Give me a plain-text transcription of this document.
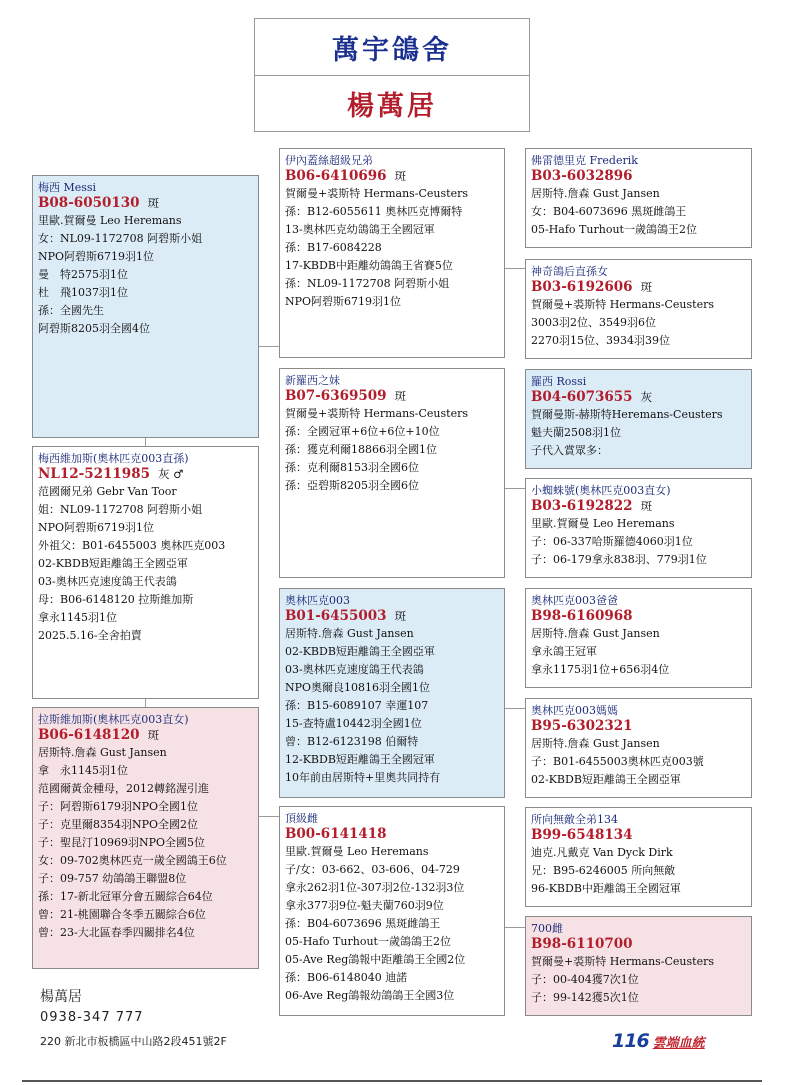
萬宇鴿舍
楊萬居
梅西 Messi
B08-6050130 斑
里歐.賀爾曼 Leo Heremans
女：NL09-1172708 阿碧斯小姐
NPO阿碧斯6719羽1位
曼　特2575羽1位
杜　飛1037羽1位
孫：全國先生
阿碧斯8205羽全國4位
梅西維加斯(奧林匹克003直孫)
NL12-5211985 灰 ♂
范國爾兄弟 Gebr Van Toor
姐：NL09-1172708 阿碧斯小姐
NPO阿碧斯6719羽1位
外祖父：B01-6455003 奧林匹克003
02-KBDB短距離鴿王全國亞軍
03-奧林匹克速度鴿王代表鴿
母：B06-6148120 拉斯維加斯
拿永1145羽1位
2025.5.16-全舍拍賣
拉斯維加斯(奧林匹克003直女)
B06-6148120 斑
居斯特.詹森 Gust Jansen
拿　永1145羽1位
范國爾黃金種母，2012轉銘渥引進
子：阿碧斯6179羽NPO全國1位
子：克里爾8354羽NPO全國2位
子：聖昆汀10969羽NPO全國5位
女：09-702奧林匹克一歲全國鴿王6位
子：09-757 幼鴿鴿王聯盟8位
孫：17-新北冠軍分會五關綜合64位
曾：21-桃園聯合冬季五關綜合6位
曾：23-大北區春季四關排名4位
伊內蓋絲超級兄弟
B06-6410696 斑
賀爾曼+裘斯特 Hermans-Ceusters
孫：B12-6055611 奧林匹克博爾特
13-奧林匹克幼鴿鴿王全國冠軍
孫：B17-6084228
17-KBDB中距離幼鴿鴿王省賽5位
孫：NL09-1172708 阿碧斯小姐
NPO阿碧斯6719羽1位
新羅西之妹
B07-6369509 斑
賀爾曼+裘斯特 Hermans-Ceusters
孫：全國冠軍+6位+6位+10位
孫：獲克利爾18866羽全國1位
孫：克利爾8153羽全國6位
孫：亞碧斯8205羽全國6位
奧林匹克003
B01-6455003 斑
居斯特.詹森 Gust Jansen
02-KBDB短距離鴿王全國亞軍
03-奧林匹克速度鴿王代表鴿
NPO奧爾良10816羽全國1位
孫：B15-6089107 幸運107
15-查特盧10442羽全國1位
曾：B12-6123198 伯爾特
12-KBDB短距離鴿王全國冠軍
10年前由居斯特+里奧共同持有
頂級雌
B00-6141418
里歐.賀爾曼 Leo Heremans
子/女：03-662、03-606、04-729
拿永262羽1位-307羽2位-132羽3位
拿永377羽9位-魁夫蘭760羽9位
孫：B04-6073696 黑斑雌鴿王
05-Hafo Turhout一歲鴿鴿王2位
05-Ave Reg鴿報中距離鴿王全國2位
孫：B06-6148040 迪諾
06-Ave Reg鴿報幼鴿鴿王全國3位
佛雷德里克 Frederik
B03-6032896
居斯特.詹森 Gust Jansen
女：B04-6073696 黑斑雌鴿王
05-Hafo Turhout一歲鴿鴿王2位
神奇鴿后直孫女
B03-6192606 斑
賀爾曼+裘斯特 Hermans-Ceusters
3003羽2位、3549羽6位
2270羽15位、3934羽39位
羅西 Rossi
B04-6073655 灰
賀爾曼斯-赫斯特Heremans-Ceusters
魁夫蘭2508羽1位
子代入賞眾多：
小蜘蛛號(奧林匹克003直女)
B03-6192822 斑
里歐.賀爾曼 Leo Heremans
子：06-337哈斯羅德4060羽1位
子：06-179拿永838羽、779羽1位
奧林匹克003爸爸
B98-6160968
居斯特.詹森 Gust Jansen
拿永鴿王冠軍
拿永1175羽1位+656羽4位
奧林匹克003媽媽
B95-6302321
居斯特.詹森 Gust Jansen
子：B01-6455003奧林匹克003號
02-KBDB短距離鴿王全國亞軍
所向無敵全弟134
B99-6548134
迪克.凡戴克 Van Dyck Dirk
兄：B95-6246005 所向無敵
96-KBDB中距離鴿王全國冠軍
700雌
B98-6110700
賀爾曼+裘斯特 Hermans-Ceusters
子：00-404獲7次1位
子：99-142獲5次1位
楊萬居
0938-347 777
220 新北市板橋區中山路2段451號2F	116 雲端血統
